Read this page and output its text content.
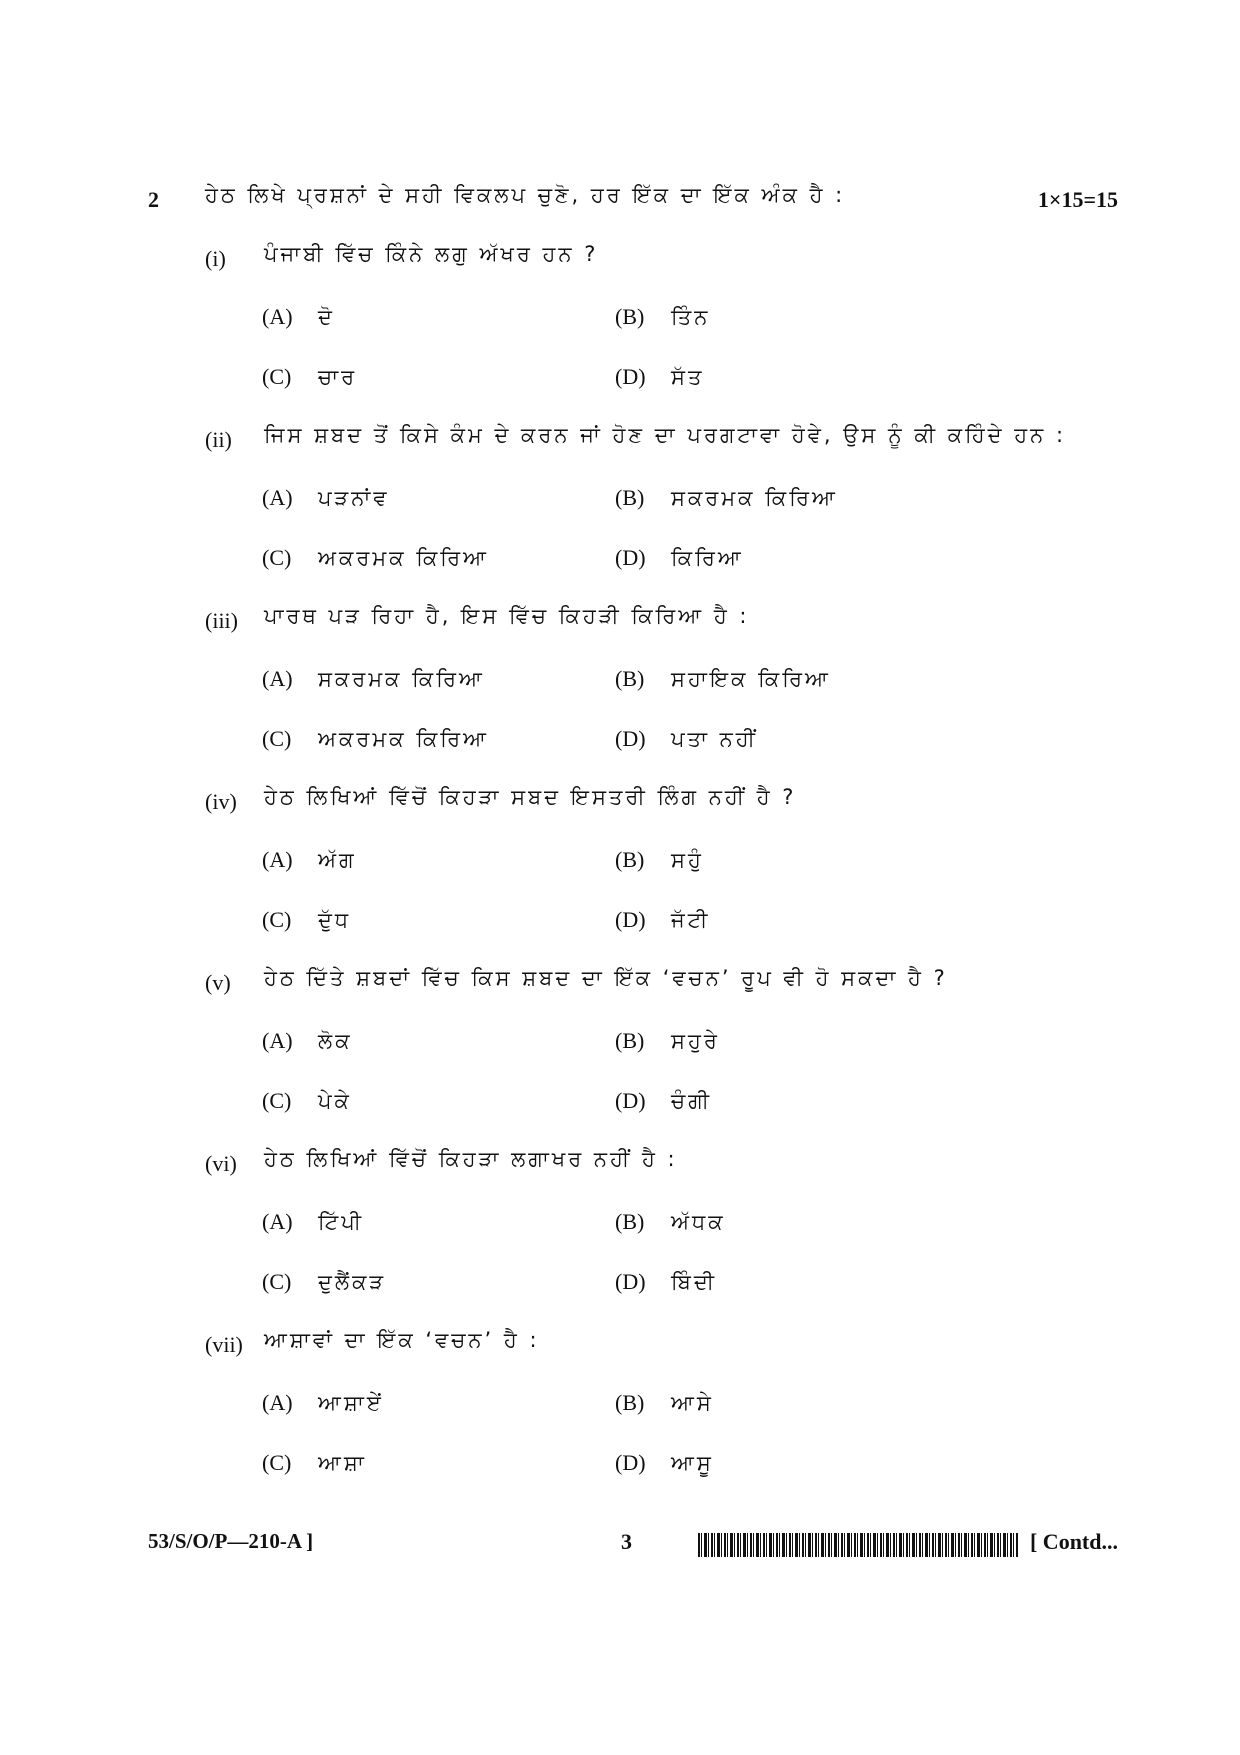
2 ਹੇਠ ਲਿਖੇ ਪ੍ਰਸ਼ਨਾਂ ਦੇ ਸਹੀ ਵਿਕਲਪ ਚੁਣੋ, ਹਰ ਇੱਕ ਦਾ ਇੱਕ ਅੰਕ ਹੈ :	1×15=15
(i) ਪੰਜਾਬੀ ਵਿੱਚ ਕਿੰਨੇ ਲਗੁ ਅੱਖਰ ਹਨ ?
(A) ਦੋ	(B) ਤਿੰਨ
(C) ਚਾਰ	(D) ਸੱਤ
(ii) ਜਿਸ ਸ਼ਬਦ ਤੋਂ ਕਿਸੇ ਕੰਮ ਦੇ ਕਰਨ ਜਾਂ ਹੋਣ ਦਾ ਪਰਗਟਾਵਾ ਹੋਵੇ, ਉਸ ਨੂੰ ਕੀ ਕਹਿੰਦੇ ਹਨ :
(A) ਪੜਨਾਂਵ	(B) ਸਕਰਮਕ ਕਿਰਿਆ
(C) ਅਕਰਮਕ ਕਿਰਿਆ	(D) ਕਿਰਿਆ
(iii) ਪਾਰਥ ਪੜ ਰਿਹਾ ਹੈ, ਇਸ ਵਿੱਚ ਕਿਹੜੀ ਕਿਰਿਆ ਹੈ :
(A) ਸਕਰਮਕ ਕਿਰਿਆ	(B) ਸਹਾਇਕ ਕਿਰਿਆ
(C) ਅਕਰਮਕ ਕਿਰਿਆ	(D) ਪਤਾ ਨਹੀਂ
(iv) ਹੇਠ ਲਿਖਿਆਂ ਵਿੱਚੋਂ ਕਿਹੜਾ ਸਬਦ ਇਸਤਰੀ ਲਿੰਗ ਨਹੀਂ ਹੈ ?
(A) ਅੱਗ	(B) ਸਹੁੰ
(C) ਦੁੱਧ	(D) ਜੱਟੀ
(v) ਹੇਠ ਦਿੱਤੇ ਸ਼ਬਦਾਂ ਵਿੱਚ ਕਿਸ ਸ਼ਬਦ ਦਾ ਇੱਕ ‘ਵਚਨ’ ਰੂਪ ਵੀ ਹੋ ਸਕਦਾ ਹੈ ?
(A) ਲੋਕ	(B) ਸਹੁਰੇ
(C) ਪੇਕੇ	(D) ਚੰਗੀ
(vi) ਹੇਠ ਲਿਖਿਆਂ ਵਿੱਚੋਂ ਕਿਹੜਾ ਲਗਾਖਰ ਨਹੀਂ ਹੈ :
(A) ਟਿੱਪੀ	(B) ਅੱਧਕ
(C) ਦੁਲੈਂਕੜ	(D) ਬਿੰਦੀ
(vii) ਆਸ਼ਾਵਾਂ ਦਾ ਇੱਕ ‘ਵਚਨ’ ਹੈ :
(A) ਆਸ਼ਾਏਂ	(B) ਆਸੇ
(C) ਆਸ਼ਾ	(D) ਆਸੂ
53/S/O/P—210-A ]	3	[ Contd...
